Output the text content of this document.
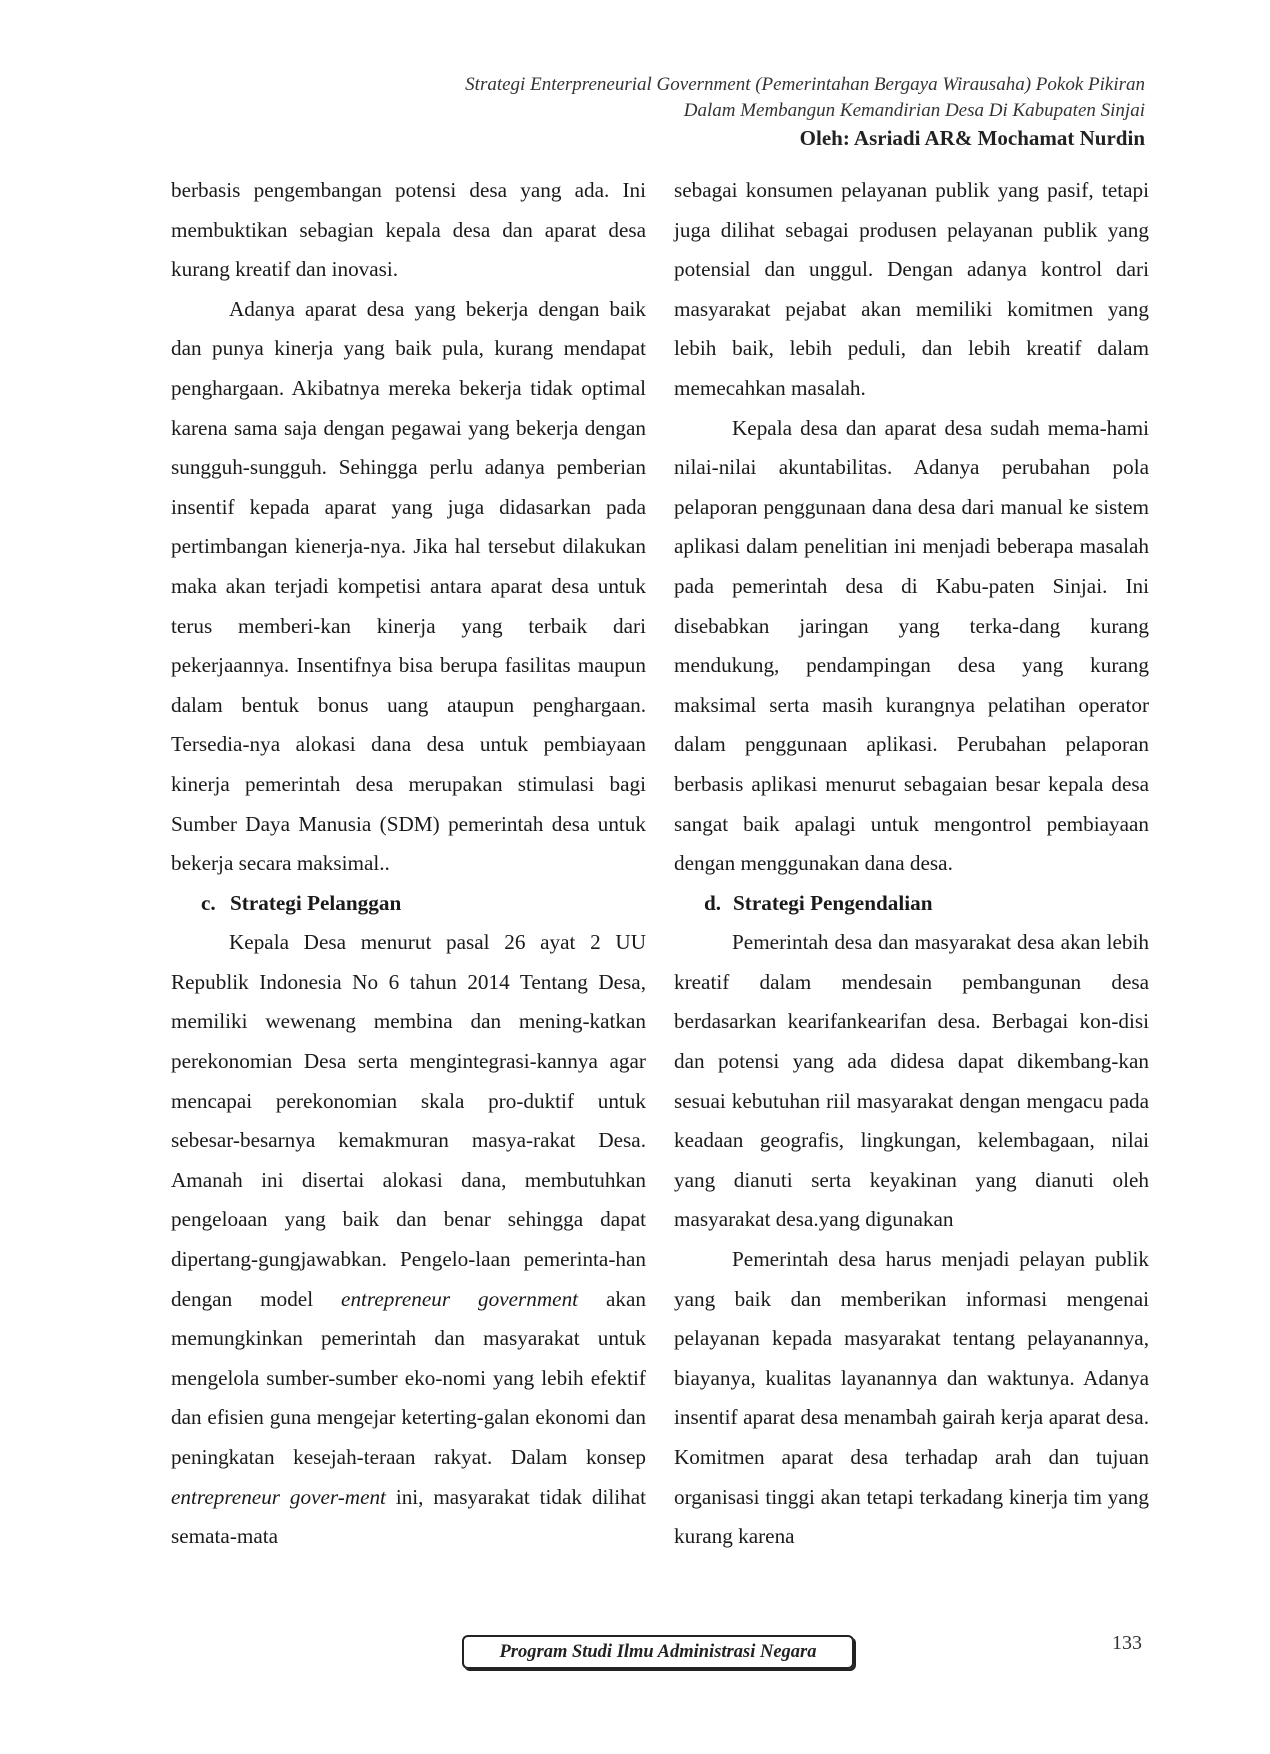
Strategi Enterpreneurial Government (Pemerintahan Bergaya Wirausaha) Pokok Pikiran
Dalam Membangun Kemandirian Desa Di Kabupaten Sinjai
Oleh: Asriadi AR& Mochamat Nurdin

berbasis pengembangan potensi desa yang ada. Ini membuktikan sebagian kepala desa dan aparat desa kurang kreatif dan inovasi.

Adanya aparat desa yang bekerja dengan baik dan punya kinerja yang baik pula, kurang mendapat penghargaan. Akibatnya mereka bekerja tidak optimal karena sama saja dengan pegawai yang bekerja dengan sungguh-sungguh. Sehingga perlu adanya pemberian insentif kepada aparat yang juga didasarkan pada pertimbangan kienerja-nya. Jika hal tersebut dilakukan maka akan terjadi kompetisi antara aparat desa untuk terus memberi-kan kinerja yang terbaik dari pekerjaannya. Insentifnya bisa berupa fasilitas maupun dalam bentuk bonus uang ataupun penghargaan. Tersedia-nya alokasi dana desa untuk pembiayaan kinerja pemerintah desa merupakan stimulasi bagi Sumber Daya Manusia (SDM) pemerintah desa untuk bekerja secara maksimal..

c. Strategi Pelanggan

Kepala Desa menurut pasal 26 ayat 2 UU Republik Indonesia No 6 tahun 2014 Tentang Desa, memiliki wewenang membina dan mening-katkan perekonomian Desa serta mengintegrasi-kannya agar mencapai perekonomian skala pro-duktif untuk sebesar-besarnya kemakmuran masya-rakat Desa. Amanah ini disertai alokasi dana, membutuhkan pengeloaan yang baik dan benar sehingga dapat dipertang-gungjawabkan. Pengelo-laan pemerinta-han dengan model entrepreneur government akan memungkinkan pemerintah dan masyarakat untuk mengelola sumber-sumber eko-nomi yang lebih efektif dan efisien guna mengejar keterting-galan ekonomi dan peningkatan kesejah-teraan rakyat. Dalam konsep entrepreneur gover-ment ini, masyarakat tidak dilihat semata-mata

sebagai konsumen pelayanan publik yang pasif, tetapi juga dilihat sebagai produsen pelayanan publik yang potensial dan unggul. Dengan adanya kontrol dari masyarakat pejabat akan memiliki komitmen yang lebih baik, lebih peduli, dan lebih kreatif dalam memecahkan masalah.

Kepala desa dan aparat desa sudah mema-hami nilai-nilai akuntabilitas. Adanya perubahan pola pelaporan penggunaan dana desa dari manual ke sistem aplikasi dalam penelitian ini menjadi beberapa masalah pada pemerintah desa di Kabu-paten Sinjai. Ini disebabkan jaringan yang terka-dang kurang mendukung, pendampingan desa yang kurang maksimal serta masih kurangnya pelatihan operator dalam penggunaan aplikasi. Perubahan pelaporan berbasis aplikasi menurut sebagaian besar kepala desa sangat baik apalagi untuk mengontrol pembiayaan dengan menggunakan dana desa.

d. Strategi Pengendalian

Pemerintah desa dan masyarakat desa akan lebih kreatif dalam mendesain pembangunan desa berdasarkan kearifankearifan desa. Berbagai kon-disi dan potensi yang ada didesa dapat dikembang-kan sesuai kebutuhan riil masyarakat dengan mengacu pada keadaan geografis, lingkungan, kelembagaan, nilai yang dianuti serta keyakinan yang dianuti oleh masyarakat desa.yang digunakan

Pemerintah desa harus menjadi pelayan publik yang baik dan memberikan informasi mengenai pelayanan kepada masyarakat tentang pelayanannya, biayanya, kualitas layanannya dan waktunya. Adanya insentif aparat desa menambah gairah kerja aparat desa. Komitmen aparat desa terhadap arah dan tujuan organisasi tinggi akan tetapi terkadang kinerja tim yang kurang karena

Program Studi Ilmu Administrasi Negara	133
